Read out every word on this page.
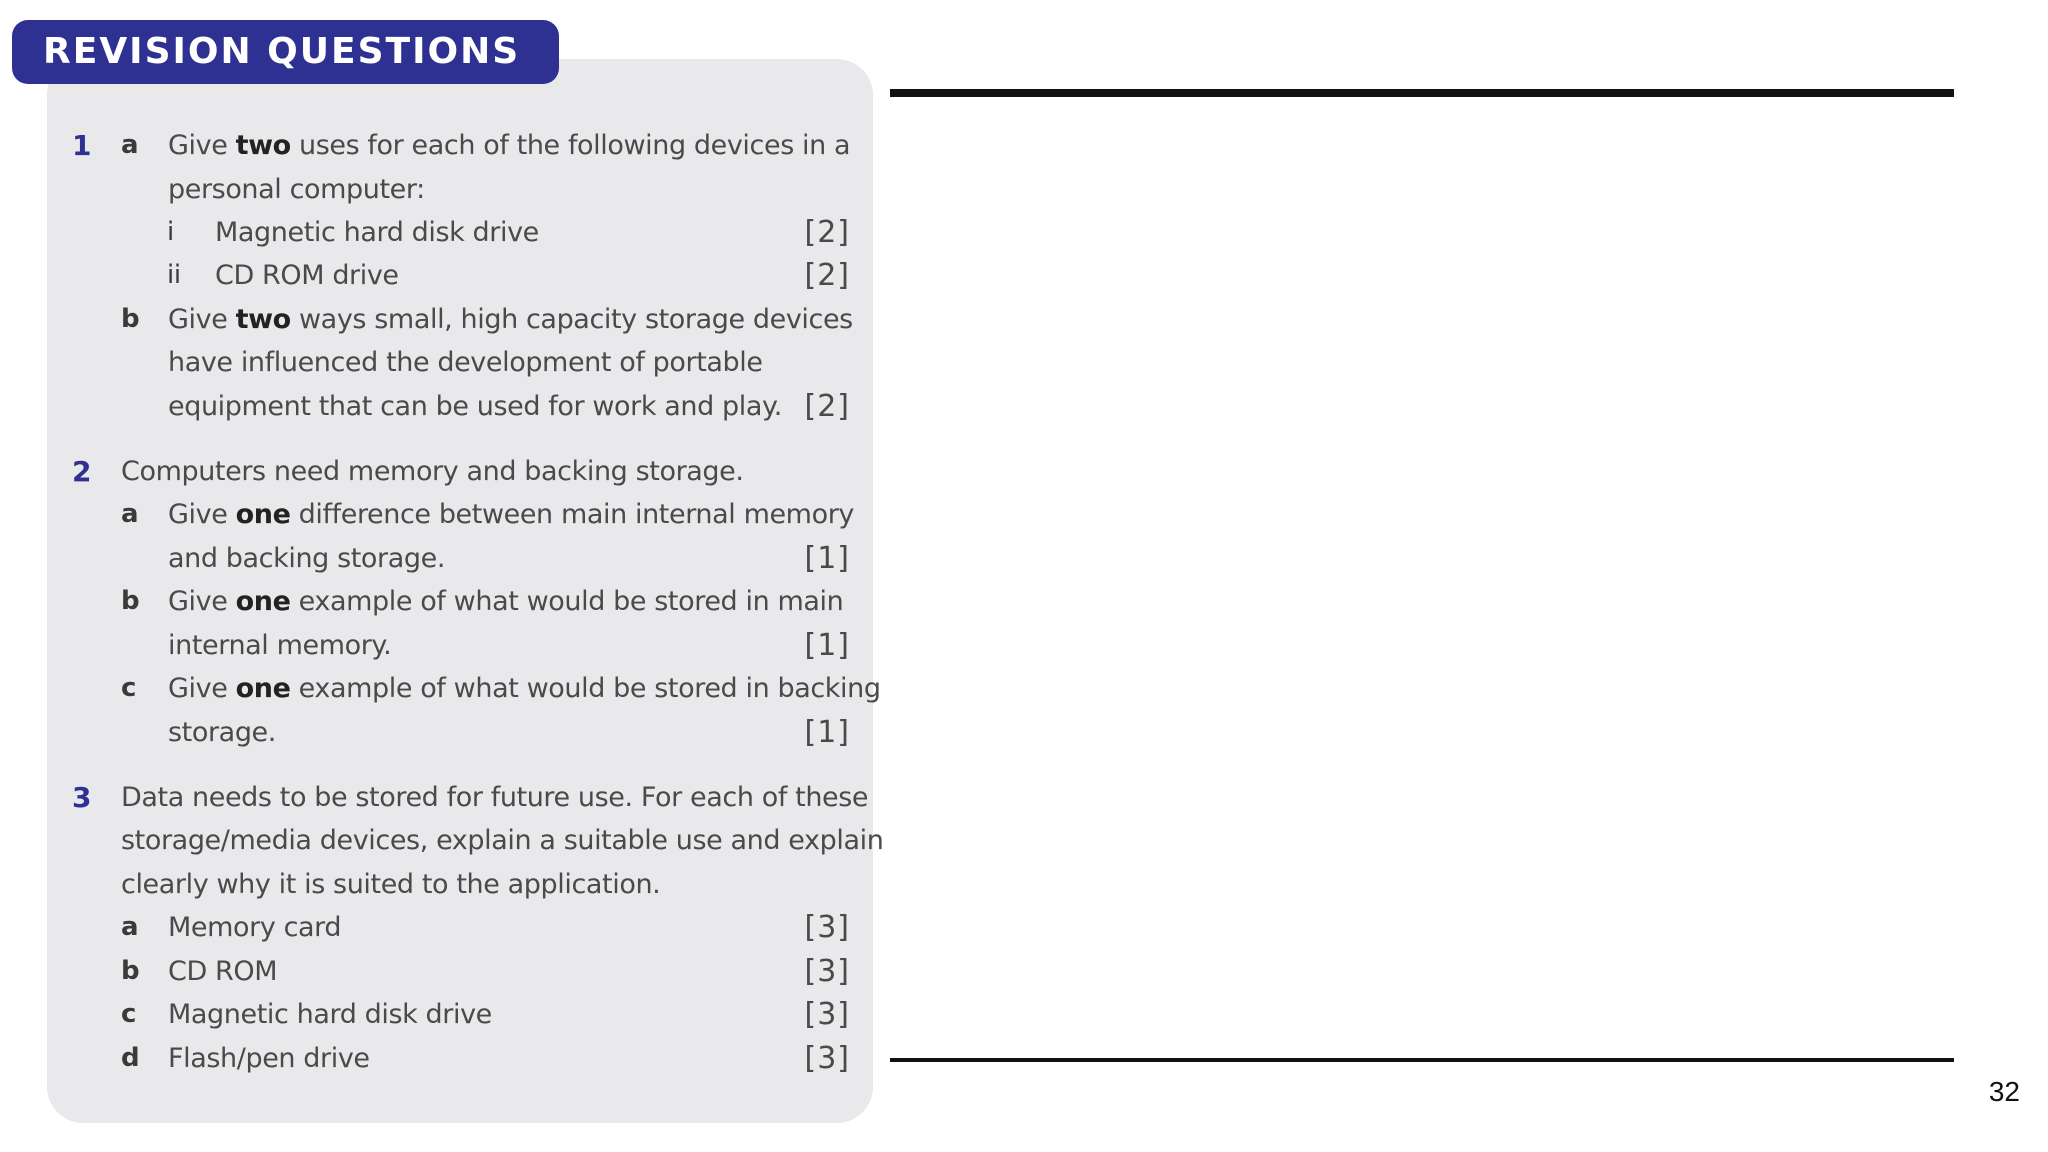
REVISION QUESTIONS
1	a	Give two uses for each of the following devices in a
personal computer:
i	Magnetic hard disk drive	[2]
ii	CD ROM drive	[2]
b	Give two ways small, high capacity storage devices
have influenced the development of portable
equipment that can be used for work and play. [2]
2	Computers need memory and backing storage.
a	Give one difference between main internal memory
and backing storage.	[1]
b	Give one example of what would be stored in main
internal memory.	[1]
c	Give one example of what would be stored in backing
storage.	[1]
3	Data needs to be stored for future use. For each of these
storage/media devices, explain a suitable use and explain
clearly why it is suited to the application.
a	Memory card	[3]
b	CD ROM	[3]
c	Magnetic hard disk drive	[3]
d	Flash/pen drive	[3]
32
